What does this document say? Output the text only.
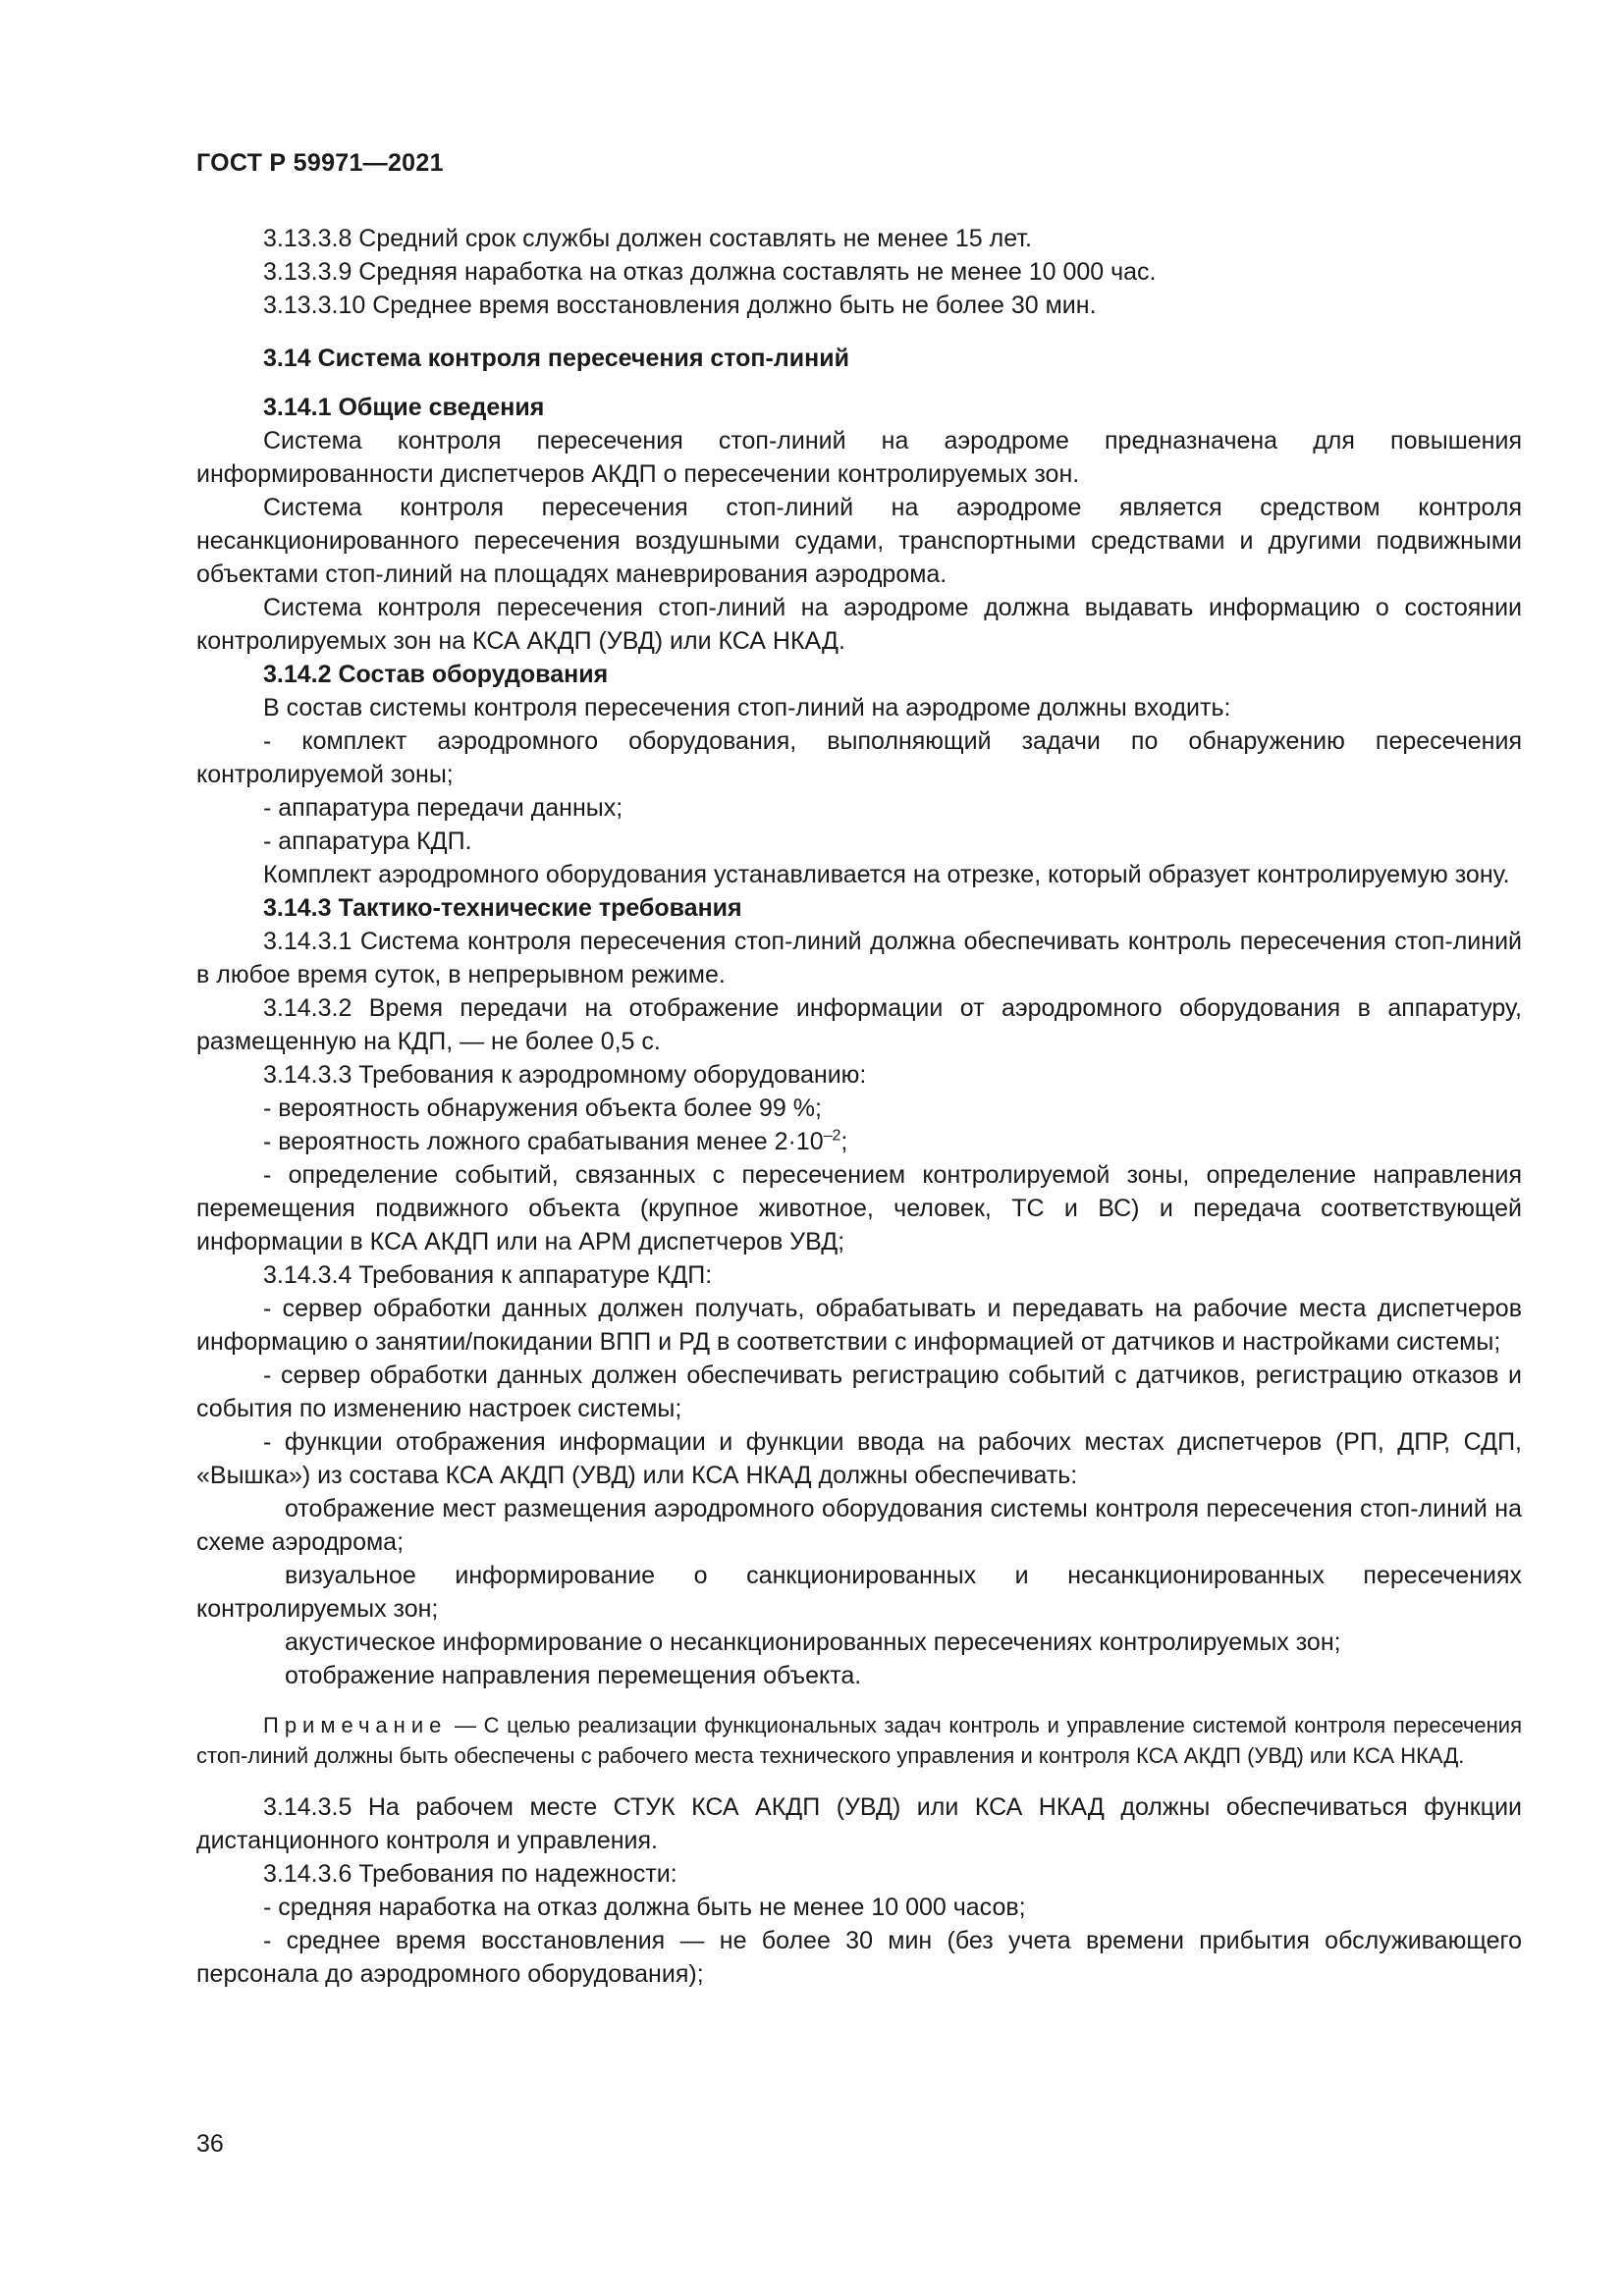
ГОСТ Р 59971—2021

3.13.3.8 Средний срок службы должен составлять не менее 15 лет.

3.13.3.9 Средняя наработка на отказ должна составлять не менее 10 000 час.

3.13.3.10 Среднее время восстановления должно быть не более 30 мин.

3.14 Система контроля пересечения стоп-линий

3.14.1 Общие сведения

Система контроля пересечения стоп-линий на аэродроме предназначена для повышения информированности диспетчеров АКДП о пересечении контролируемых зон.

Система контроля пересечения стоп-линий на аэродроме является средством контроля несанкционированного пересечения воздушными судами, транспортными средствами и другими подвижными объектами стоп-линий на площадях маневрирования аэродрома.

Система контроля пересечения стоп-линий на аэродроме должна выдавать информацию о состоянии контролируемых зон на КСА АКДП (УВД) или КСА НКАД.

3.14.2 Состав оборудования

В состав системы контроля пересечения стоп-линий на аэродроме должны входить:

- комплект аэродромного оборудования, выполняющий задачи по обнаружению пересечения контролируемой зоны;

- аппаратура передачи данных;

- аппаратура КДП.

Комплект аэродромного оборудования устанавливается на отрезке, который образует контролируемую зону.

3.14.3 Тактико-технические требования

3.14.3.1 Система контроля пересечения стоп-линий должна обеспечивать контроль пересечения стоп-линий в любое время суток, в непрерывном режиме.

3.14.3.2 Время передачи на отображение информации от аэродромного оборудования в аппаратуру, размещенную на КДП, — не более 0,5 с.

3.14.3.3 Требования к аэродромному оборудованию:

- вероятность обнаружения объекта более 99 %;

- вероятность ложного срабатывания менее $2\cdot 10^{-2}$;

- определение событий, связанных с пересечением контролируемой зоны, определение направления перемещения подвижного объекта (крупное животное, человек, ТС и ВС) и передача соответствующей информации в КСА АКДП или на АРМ диспетчеров УВД;

3.14.3.4 Требования к аппаратуре КДП:

- сервер обработки данных должен получать, обрабатывать и передавать на рабочие места диспетчеров информацию о занятии/покидании ВПП и РД в соответствии с информацией от датчиков и настройками системы;

- сервер обработки данных должен обеспечивать регистрацию событий с датчиков, регистрацию отказов и события по изменению настроек системы;

- функции отображения информации и функции ввода на рабочих местах диспетчеров (РП, ДПР, СДП, «Вышка») из состава КСА АКДП (УВД) или КСА НКАД должны обеспечивать:

отображение мест размещения аэродромного оборудования системы контроля пересечения стоп-линий на схеме аэродрома;

визуальное информирование о санкционированных и несанкционированных пересечениях контролируемых зон;

акустическое информирование о несанкционированных пересечениях контролируемых зон;

отображение направления перемещения объекта.

Примечание — С целью реализации функциональных задач контроль и управление системой контроля пересечения стоп-линий должны быть обеспечены с рабочего места технического управления и контроля КСА АКДП (УВД) или КСА НКАД.

3.14.3.5 На рабочем месте СТУК КСА АКДП (УВД) или КСА НКАД должны обеспечиваться функции дистанционного контроля и управления.

3.14.3.6 Требования по надежности:

- средняя наработка на отказ должна быть не менее 10 000 часов;

- среднее время восстановления — не более 30 мин (без учета времени прибытия обслуживающего персонала до аэродромного оборудования);

36
